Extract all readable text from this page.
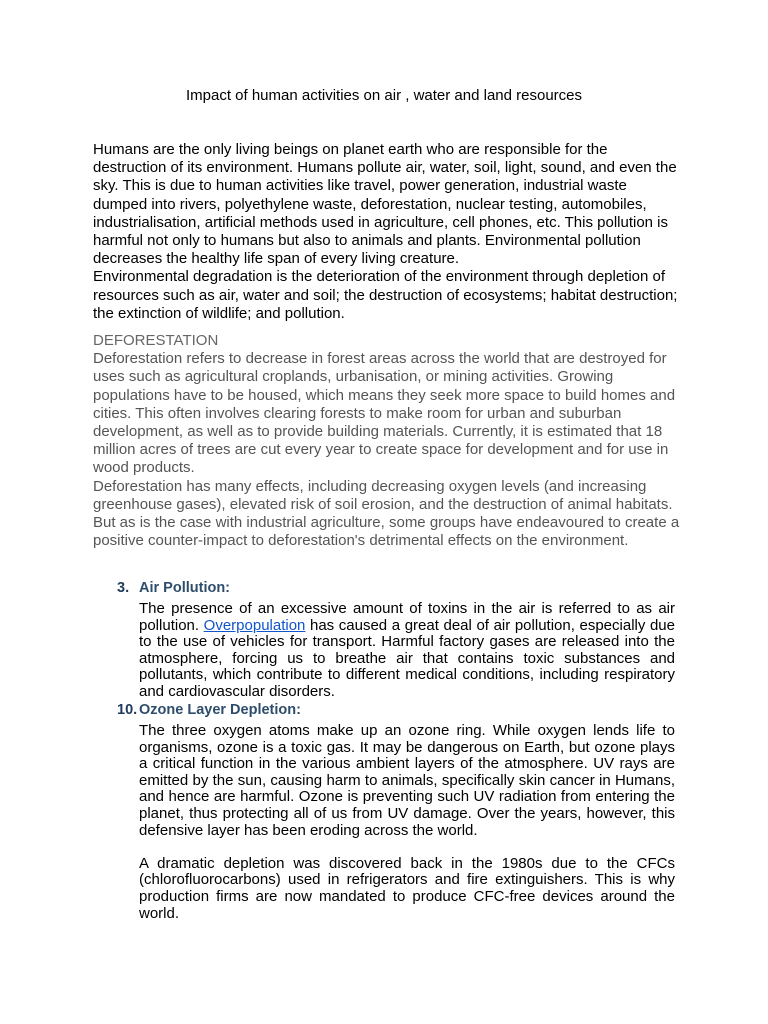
Impact of human activities on air , water and land resources

Humans are the only living beings on planet earth who are responsible for the destruction of its environment. Humans pollute air, water, soil, light, sound, and even the sky. This is due to human activities like travel, power generation, industrial waste dumped into rivers, polyethylene waste, deforestation, nuclear testing, automobiles, industrialisation, artificial methods used in agriculture, cell phones, etc. This pollution is harmful not only to humans but also to animals and plants. Environmental pollution decreases the healthy life span of every living creature.

Environmental degradation is the deterioration of the environment through depletion of resources such as air, water and soil; the destruction of ecosystems; habitat destruction; the extinction of wildlife; and pollution.

DEFORESTATION

Deforestation refers to decrease in forest areas across the world that are destroyed for uses such as agricultural croplands, urbanisation, or mining activities. Growing populations have to be housed, which means they seek more space to build homes and cities. This often involves clearing forests to make room for urban and suburban development, as well as to provide building materials. Currently, it is estimated that 18 million acres of trees are cut every year to create space for development and for use in wood products.

Deforestation has many effects, including decreasing oxygen levels (and increasing greenhouse gases), elevated risk of soil erosion, and the destruction of animal habitats. But as is the case with industrial agriculture, some groups have endeavoured to create a positive counter-impact to deforestation's detrimental effects on the environment.

3. Air Pollution:
The presence of an excessive amount of toxins in the air is referred to as air pollution. Overpopulation has caused a great deal of air pollution, especially due to the use of vehicles for transport. Harmful factory gases are released into the atmosphere, forcing us to breathe air that contains toxic substances and pollutants, which contribute to different medical conditions, including respiratory and cardiovascular disorders.
10. Ozone Layer Depletion:

The three oxygen atoms make up an ozone ring. While oxygen lends life to organisms, ozone is a toxic gas. It may be dangerous on Earth, but ozone plays a critical function in the various ambient layers of the atmosphere. UV rays are emitted by the sun, causing harm to animals, specifically skin cancer in Humans, and hence are harmful. Ozone is preventing such UV radiation from entering the planet, thus protecting all of us from UV damage. Over the years, however, this defensive layer has been eroding across the world.

A dramatic depletion was discovered back in the 1980s due to the CFCs (chlorofluorocarbons) used in refrigerators and fire extinguishers. This is why production firms are now mandated to produce CFC-free devices around the world.
